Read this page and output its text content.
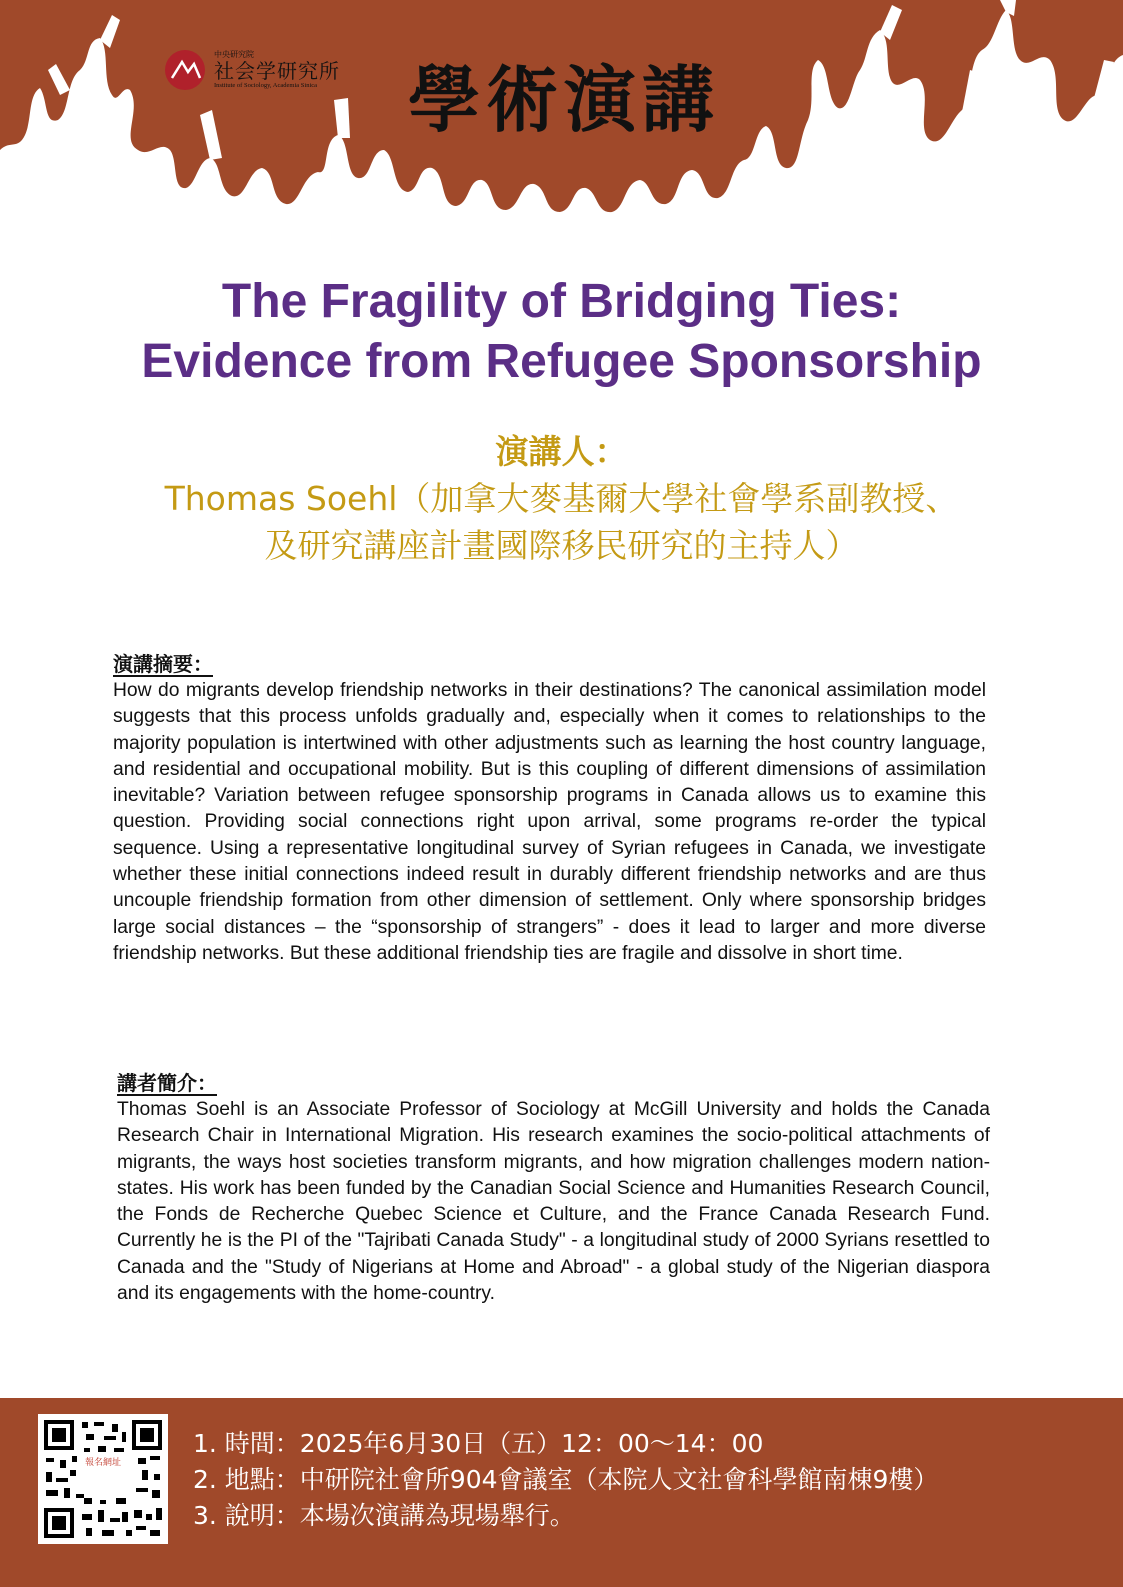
中央研究院
社会学研究所
Institute of Sociology, Academia Sinica	學術演講
The Fragility of Bridging Ties:
Evidence from Refugee Sponsorship
演講人：
Thomas Soehl（加拿大麥基爾大學社會學系副教授、
及研究講座計畫國際移民研究的主持人）
演講摘要：
How do migrants develop friendship networks in their destinations? The canonical assimilation model suggests that this process unfolds gradually and, especially when it comes to relationships to the majority population is intertwined with other adjustments such as learning the host country language, and residential and occupational mobility. But is this coupling of different dimensions of assimilation inevitable? Variation between refugee sponsorship programs in Canada allows us to examine this question. Providing social connections right upon arrival, some programs re-order the typical sequence. Using a representative longitudinal survey of Syrian refugees in Canada, we investigate whether these initial connections indeed result in durably different friendship networks and are thus uncouple friendship formation from other dimension of settlement. Only where sponsorship bridges large social distances – the “sponsorship of strangers” - does it lead to larger and more diverse friendship networks. But these additional friendship ties are fragile and dissolve in short time.
講者簡介：
Thomas Soehl is an Associate Professor of Sociology at McGill University and holds the Canada Research Chair in International Migration. His research examines the socio-political attachments of migrants, the ways host societies transform migrants, and how migration challenges modern nation-states. His work has been funded by the Canadian Social Science and Humanities Research Council, the Fonds de Recherche Quebec Science et Culture, and the France Canada Research Fund. Currently he is the PI of the "Tajribati Canada Study" - a longitudinal study of 2000 Syrians resettled to Canada and the "Study of Nigerians at Home and Abroad" - a global study of the Nigerian diaspora and its engagements with the home-country.
報名網址
1. 時間：2025年6月30日（五）12：00～14：00
2. 地點：中研院社會所904會議室（本院人文社會科學館南棟9樓）
3. 說明：本場次演講為現場舉行。
